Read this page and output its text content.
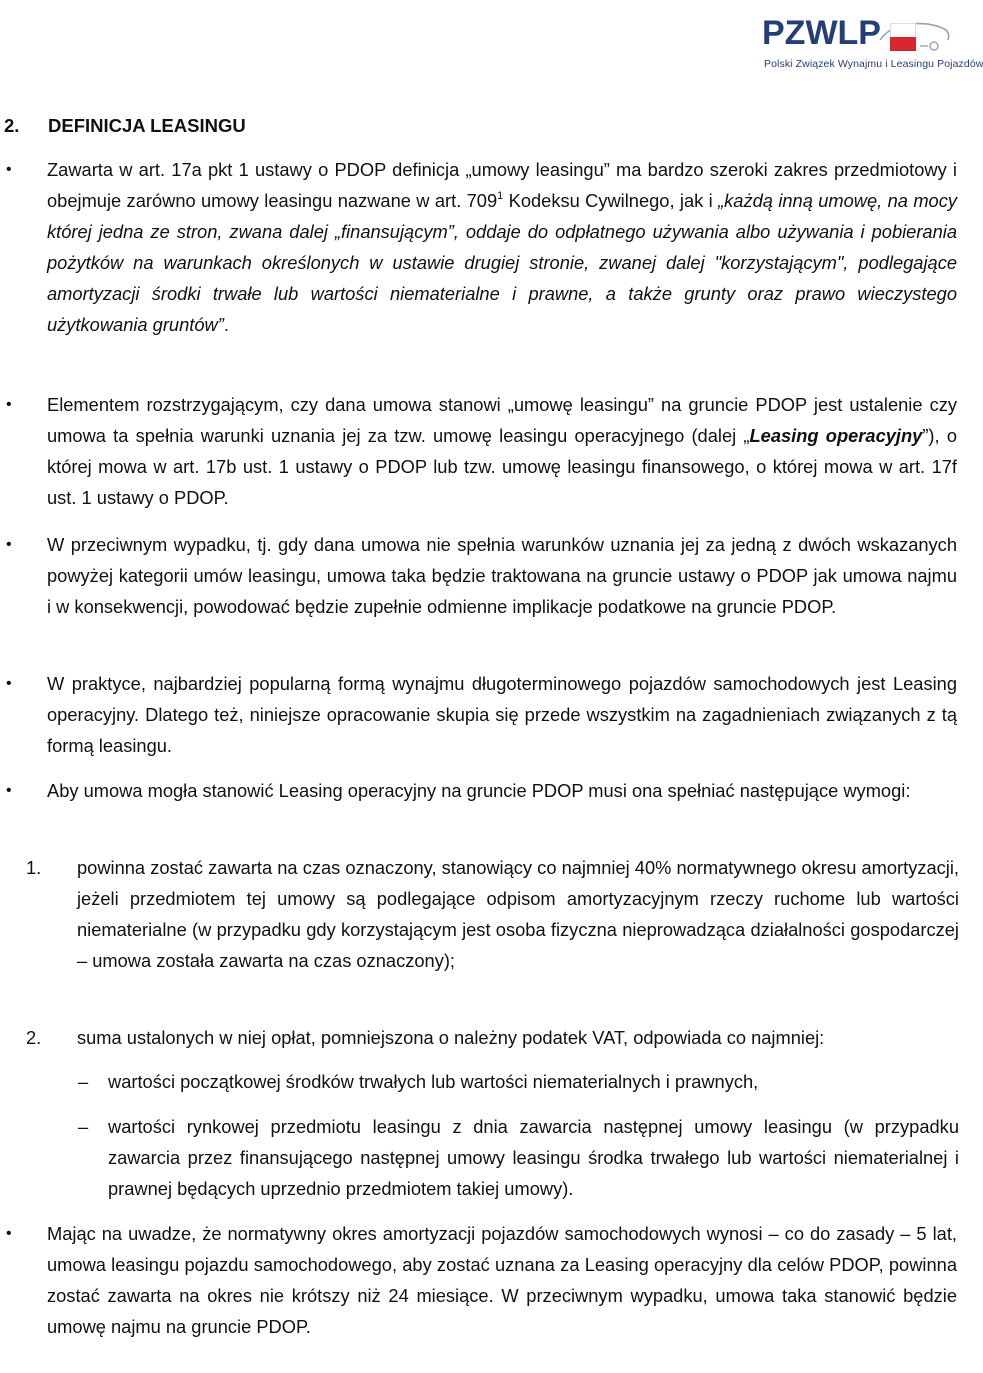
PZWLP
Polski Związek Wynajmu i Leasingu Pojazdów
2. DEFINICJA LEASINGU
• Zawarta w art. 17a pkt 1 ustawy o PDOP definicja „umowy leasingu” ma bardzo szeroki zakres przedmiotowy i obejmuje zarówno umowy leasingu nazwane w art. $709^1$ Kodeksu Cywilnego, jak i „każdą inną umowę, na mocy której jedna ze stron, zwana dalej „finansującym”, oddaje do odpłatnego używania albo używania i pobierania pożytków na warunkach określonych w ustawie drugiej stronie, zwanej dalej "korzystającym", podlegające amortyzacji środki trwałe lub wartości niematerialne i prawne, a także grunty oraz prawo wieczystego użytkowania gruntów”.
• Elementem rozstrzygającym, czy dana umowa stanowi „umowę leasingu” na gruncie PDOP jest ustalenie czy umowa ta spełnia warunki uznania jej za tzw. umowę leasingu operacyjnego (dalej „Leasing operacyjny”), o której mowa w art. 17b ust. 1 ustawy o PDOP lub tzw. umowę leasingu finansowego, o której mowa w art. 17f ust. 1 ustawy o PDOP.
• W przeciwnym wypadku, tj. gdy dana umowa nie spełnia warunków uznania jej za jedną z dwóch wskazanych powyżej kategorii umów leasingu, umowa taka będzie traktowana na gruncie ustawy o PDOP jak umowa najmu i w konsekwencji, powodować będzie zupełnie odmienne implikacje podatkowe na gruncie PDOP.
• W praktyce, najbardziej popularną formą wynajmu długoterminowego pojazdów samochodowych jest Leasing operacyjny. Dlatego też, niniejsze opracowanie skupia się przede wszystkim na zagadnieniach związanych z tą formą leasingu.
• Aby umowa mogła stanowić Leasing operacyjny na gruncie PDOP musi ona spełniać następujące wymogi:
1.	powinna zostać zawarta na czas oznaczony, stanowiący co najmniej 40% normatywnego okresu amortyzacji, jeżeli przedmiotem tej umowy są podlegające odpisom amortyzacyjnym rzeczy ruchome lub wartości niematerialne (w przypadku gdy korzystającym jest osoba fizyczna nieprowadząca działalności gospodarczej – umowa została zawarta na czas oznaczony);
2.	suma ustalonych w niej opłat, pomniejszona o należny podatek VAT, odpowiada co najmniej:
–	wartości początkowej środków trwałych lub wartości niematerialnych i prawnych,
–	wartości rynkowej przedmiotu leasingu z dnia zawarcia następnej umowy leasingu (w przypadku zawarcia przez finansującego następnej umowy leasingu środka trwałego lub wartości niematerialnej i prawnej będących uprzednio przedmiotem takiej umowy).
• Mając na uwadze, że normatywny okres amortyzacji pojazdów samochodowych wynosi – co do zasady – 5 lat, umowa leasingu pojazdu samochodowego, aby zostać uznana za Leasing operacyjny dla celów PDOP, powinna zostać zawarta na okres nie krótszy niż 24 miesiące. W przeciwnym wypadku, umowa taka stanowić będzie umowę najmu na gruncie PDOP.
